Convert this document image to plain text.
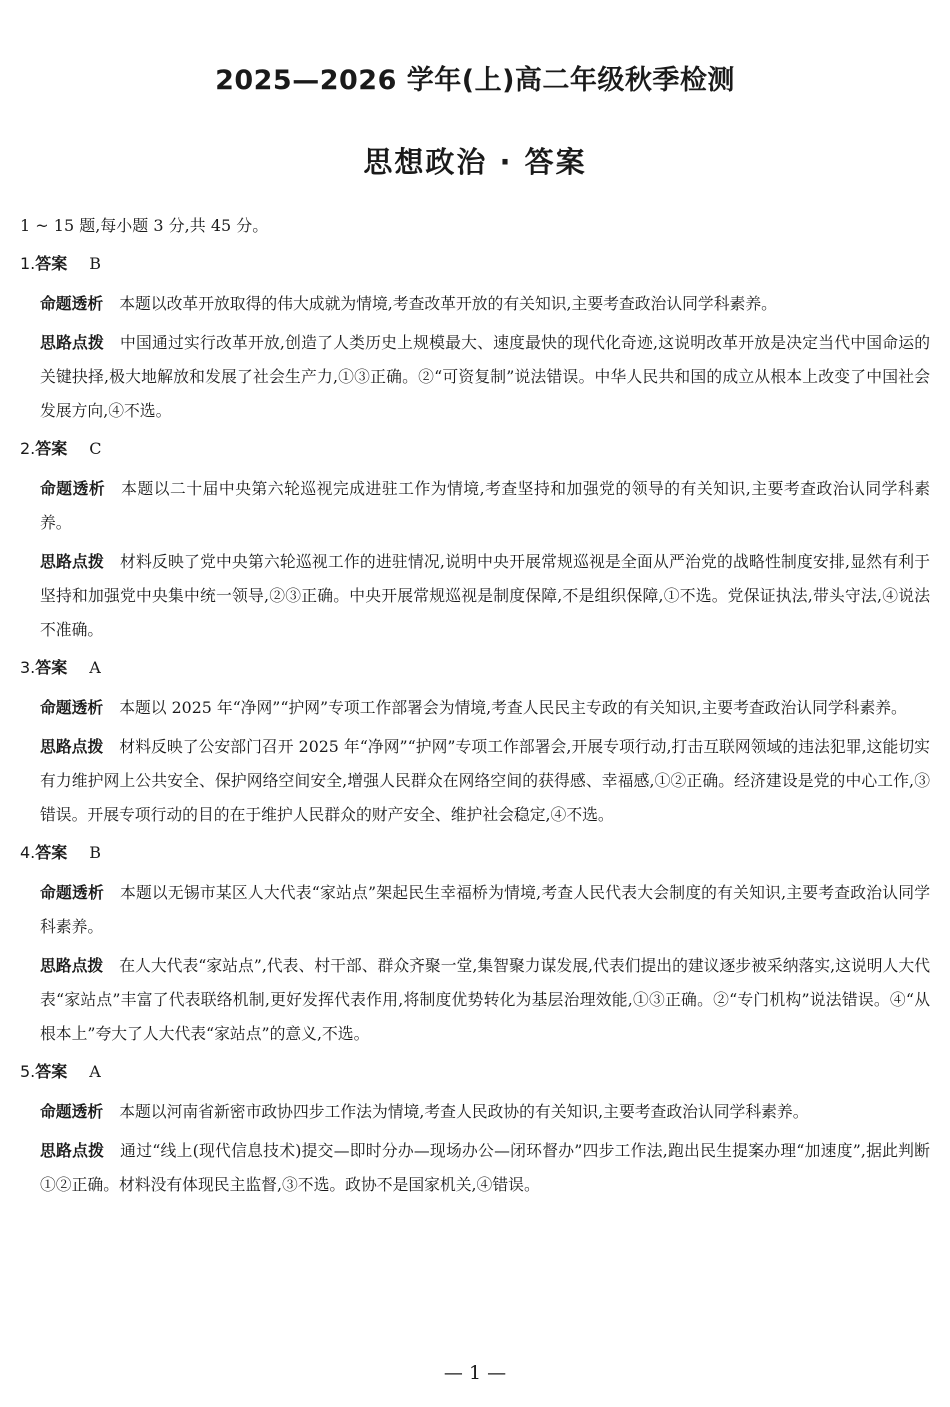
2025—2026 学年(上)高二年级秋季检测
思想政治 · 答案
1 ~ 15 题,每小题 3 分,共 45 分。
1.答案 B
命题透析 本题以改革开放取得的伟大成就为情境,考查改革开放的有关知识,主要考查政治认同学科素养。
思路点拨 中国通过实行改革开放,创造了人类历史上规模最大、速度最快的现代化奇迹,这说明改革开放是决定当代中国命运的关键抉择,极大地解放和发展了社会生产力,①③正确。②“可资复制”说法错误。中华人民共和国的成立从根本上改变了中国社会发展方向,④不选。
2.答案 C
命题透析 本题以二十届中央第六轮巡视完成进驻工作为情境,考查坚持和加强党的领导的有关知识,主要考查政治认同学科素养。
思路点拨 材料反映了党中央第六轮巡视工作的进驻情况,说明中央开展常规巡视是全面从严治党的战略性制度安排,显然有利于坚持和加强党中央集中统一领导,②③正确。中央开展常规巡视是制度保障,不是组织保障,①不选。党保证执法,带头守法,④说法不准确。
3.答案 A
命题透析 本题以 2025 年“净网”“护网”专项工作部署会为情境,考查人民民主专政的有关知识,主要考查政治认同学科素养。
思路点拨 材料反映了公安部门召开 2025 年“净网”“护网”专项工作部署会,开展专项行动,打击互联网领域的违法犯罪,这能切实有力维护网上公共安全、保护网络空间安全,增强人民群众在网络空间的获得感、幸福感,①②正确。经济建设是党的中心工作,③错误。开展专项行动的目的在于维护人民群众的财产安全、维护社会稳定,④不选。
4.答案 B
命题透析 本题以无锡市某区人大代表“家站点”架起民生幸福桥为情境,考查人民代表大会制度的有关知识,主要考查政治认同学科素养。
思路点拨 在人大代表“家站点”,代表、村干部、群众齐聚一堂,集智聚力谋发展,代表们提出的建议逐步被采纳落实,这说明人大代表“家站点”丰富了代表联络机制,更好发挥代表作用,将制度优势转化为基层治理效能,①③正确。②“专门机构”说法错误。④“从根本上”夸大了人大代表“家站点”的意义,不选。
5.答案 A
命题透析 本题以河南省新密市政协四步工作法为情境,考查人民政协的有关知识,主要考查政治认同学科素养。
思路点拨 通过“线上(现代信息技术)提交—即时分办—现场办公—闭环督办”四步工作法,跑出民生提案办理“加速度”,据此判断①②正确。材料没有体现民主监督,③不选。政协不是国家机关,④错误。
— 1 —
